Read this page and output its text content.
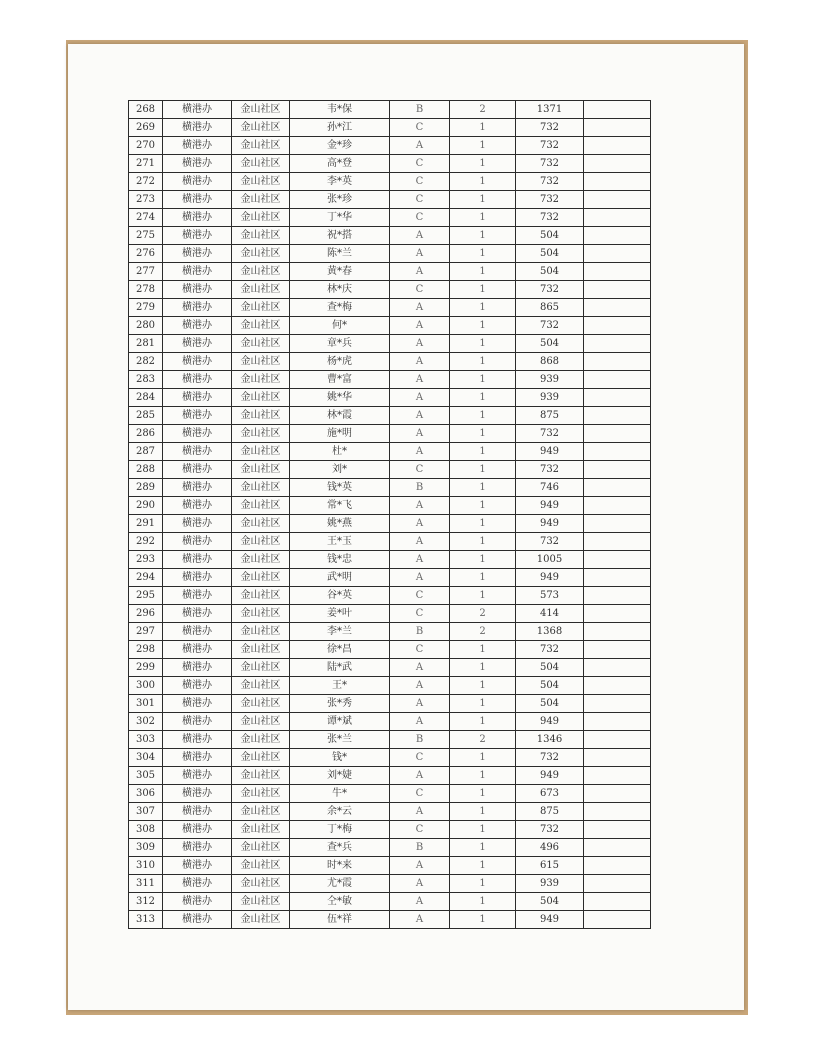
268	横港办	金山社区	韦*保	B	2	1371	
269	横港办	金山社区	孙*江	C	1	732	
270	横港办	金山社区	金*珍	A	1	732	
271	横港办	金山社区	高*登	C	1	732	
272	横港办	金山社区	李*英	C	1	732	
273	横港办	金山社区	张*珍	C	1	732	
274	横港办	金山社区	丁*华	C	1	732	
275	横港办	金山社区	祝*搭	A	1	504	
276	横港办	金山社区	陈*兰	A	1	504	
277	横港办	金山社区	黄*春	A	1	504	
278	横港办	金山社区	林*庆	C	1	732	
279	横港办	金山社区	查*梅	A	1	865	
280	横港办	金山社区	何*	A	1	732	
281	横港办	金山社区	章*兵	A	1	504	
282	横港办	金山社区	杨*虎	A	1	868	
283	横港办	金山社区	曹*富	A	1	939	
284	横港办	金山社区	姚*华	A	1	939	
285	横港办	金山社区	林*霞	A	1	875	
286	横港办	金山社区	施*明	A	1	732	
287	横港办	金山社区	杜*	A	1	949	
288	横港办	金山社区	刘*	C	1	732	
289	横港办	金山社区	钱*英	B	1	746	
290	横港办	金山社区	常*飞	A	1	949	
291	横港办	金山社区	姚*燕	A	1	949	
292	横港办	金山社区	王*玉	A	1	732	
293	横港办	金山社区	钱*忠	A	1	1005	
294	横港办	金山社区	武*明	A	1	949	
295	横港办	金山社区	谷*英	C	1	573	
296	横港办	金山社区	姜*叶	C	2	414	
297	横港办	金山社区	李*兰	B	2	1368	
298	横港办	金山社区	徐*昌	C	1	732	
299	横港办	金山社区	陆*武	A	1	504	
300	横港办	金山社区	王*	A	1	504	
301	横港办	金山社区	张*秀	A	1	504	
302	横港办	金山社区	谭*斌	A	1	949	
303	横港办	金山社区	张*兰	B	2	1346	
304	横港办	金山社区	钱*	C	1	732	
305	横港办	金山社区	刘*婕	A	1	949	
306	横港办	金山社区	牛*	C	1	673	
307	横港办	金山社区	余*云	A	1	875	
308	横港办	金山社区	丁*梅	C	1	732	
309	横港办	金山社区	查*兵	B	1	496	
310	横港办	金山社区	时*来	A	1	615	
311	横港办	金山社区	尤*霞	A	1	939	
312	横港办	金山社区	仝*敏	A	1	504	
313	横港办	金山社区	伍*祥	A	1	949	
